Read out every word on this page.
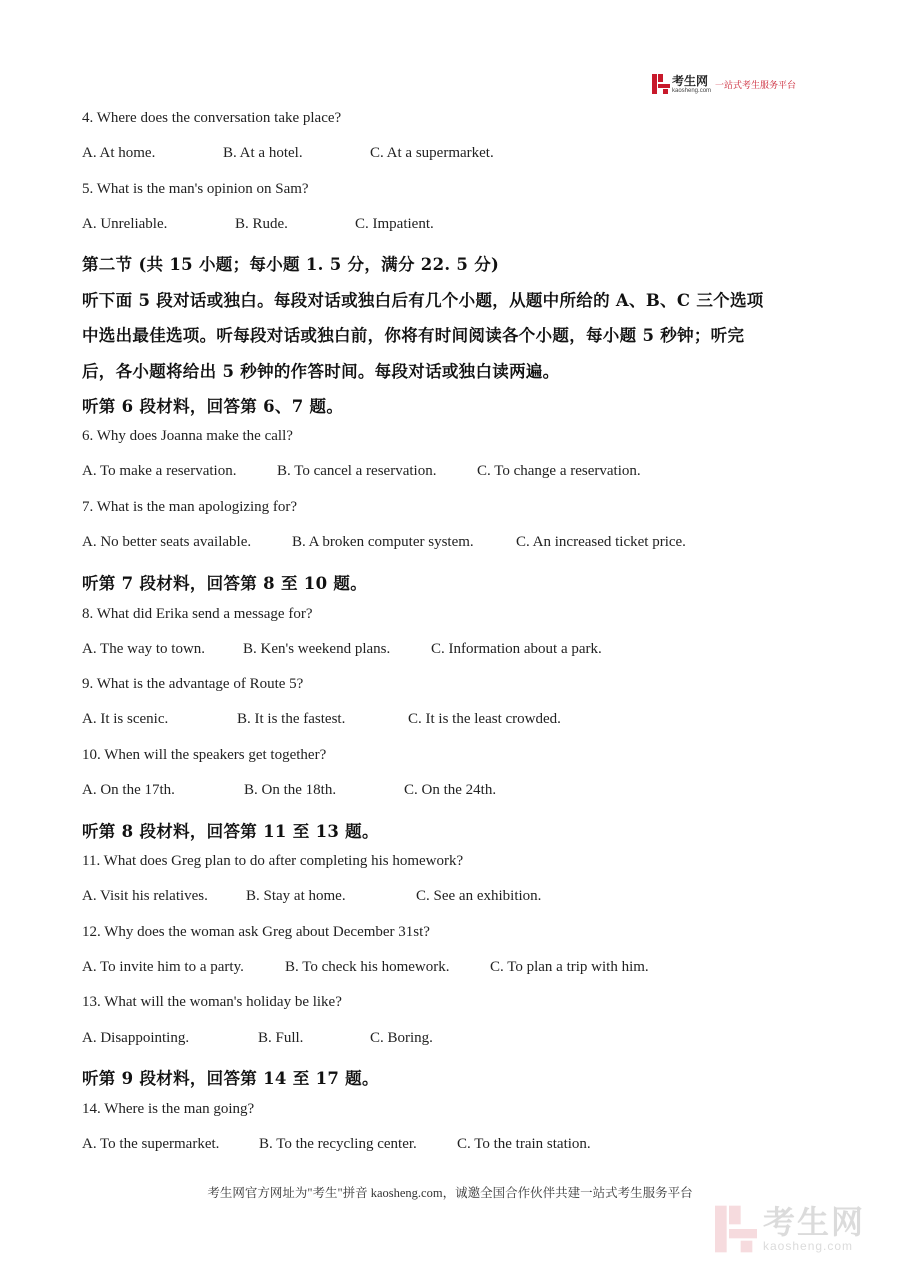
考生网
kaosheng.com 一站式考生服务平台
4. Where does the conversation take place?
A. At home.	B. At a hotel.	C. At a supermarket.
5. What is the man's opinion on Sam?
A. Unreliable.	B. Rude.	C. Impatient.
第二节 (共 15 小题；每小题 1. 5 分，满分 22. 5 分)
听下面 5 段对话或独白。每段对话或独白后有几个小题，从题中所给的 A、B、C 三个选项
中选出最佳选项。听每段对话或独白前，你将有时间阅读各个小题，每小题 5 秒钟；听完
后，各小题将给出 5 秒钟的作答时间。每段对话或独白读两遍。
听第 6 段材料，回答第 6、7 题。
6. Why does Joanna make the call?
A. To make a reservation.	B. To cancel a reservation.	C. To change a reservation.
7. What is the man apologizing for?
A. No better seats available.	B. A broken computer system.	C. An increased ticket price.
听第 7 段材料，回答第 8 至 10 题。
8. What did Erika send a message for?
A. The way to town.	B. Ken's weekend plans.	C. Information about a park.
9. What is the advantage of Route 5?
A. It is scenic.	B. It is the fastest.	C. It is the least crowded.
10. When will the speakers get together?
A. On the 17th.	B. On the 18th.	C. On the 24th.
听第 8 段材料，回答第 11 至 13 题。
11. What does Greg plan to do after completing his homework?
A. Visit his relatives.	B. Stay at home.	C. See an exhibition.
12. Why does the woman ask Greg about December 31st?
A. To invite him to a party.	B. To check his homework.	C. To plan a trip with him.
13. What will the woman's holiday be like?
A. Disappointing.	B. Full.	C. Boring.
听第 9 段材料，回答第 14 至 17 题。
14. Where is the man going?
A. To the supermarket.	B. To the recycling center.	C. To the train station.
考生网官方网址为"考生"拼音 kaosheng.com，诚邀全国合作伙伴共建一站式考生服务平台
考生网
kaosheng.com
